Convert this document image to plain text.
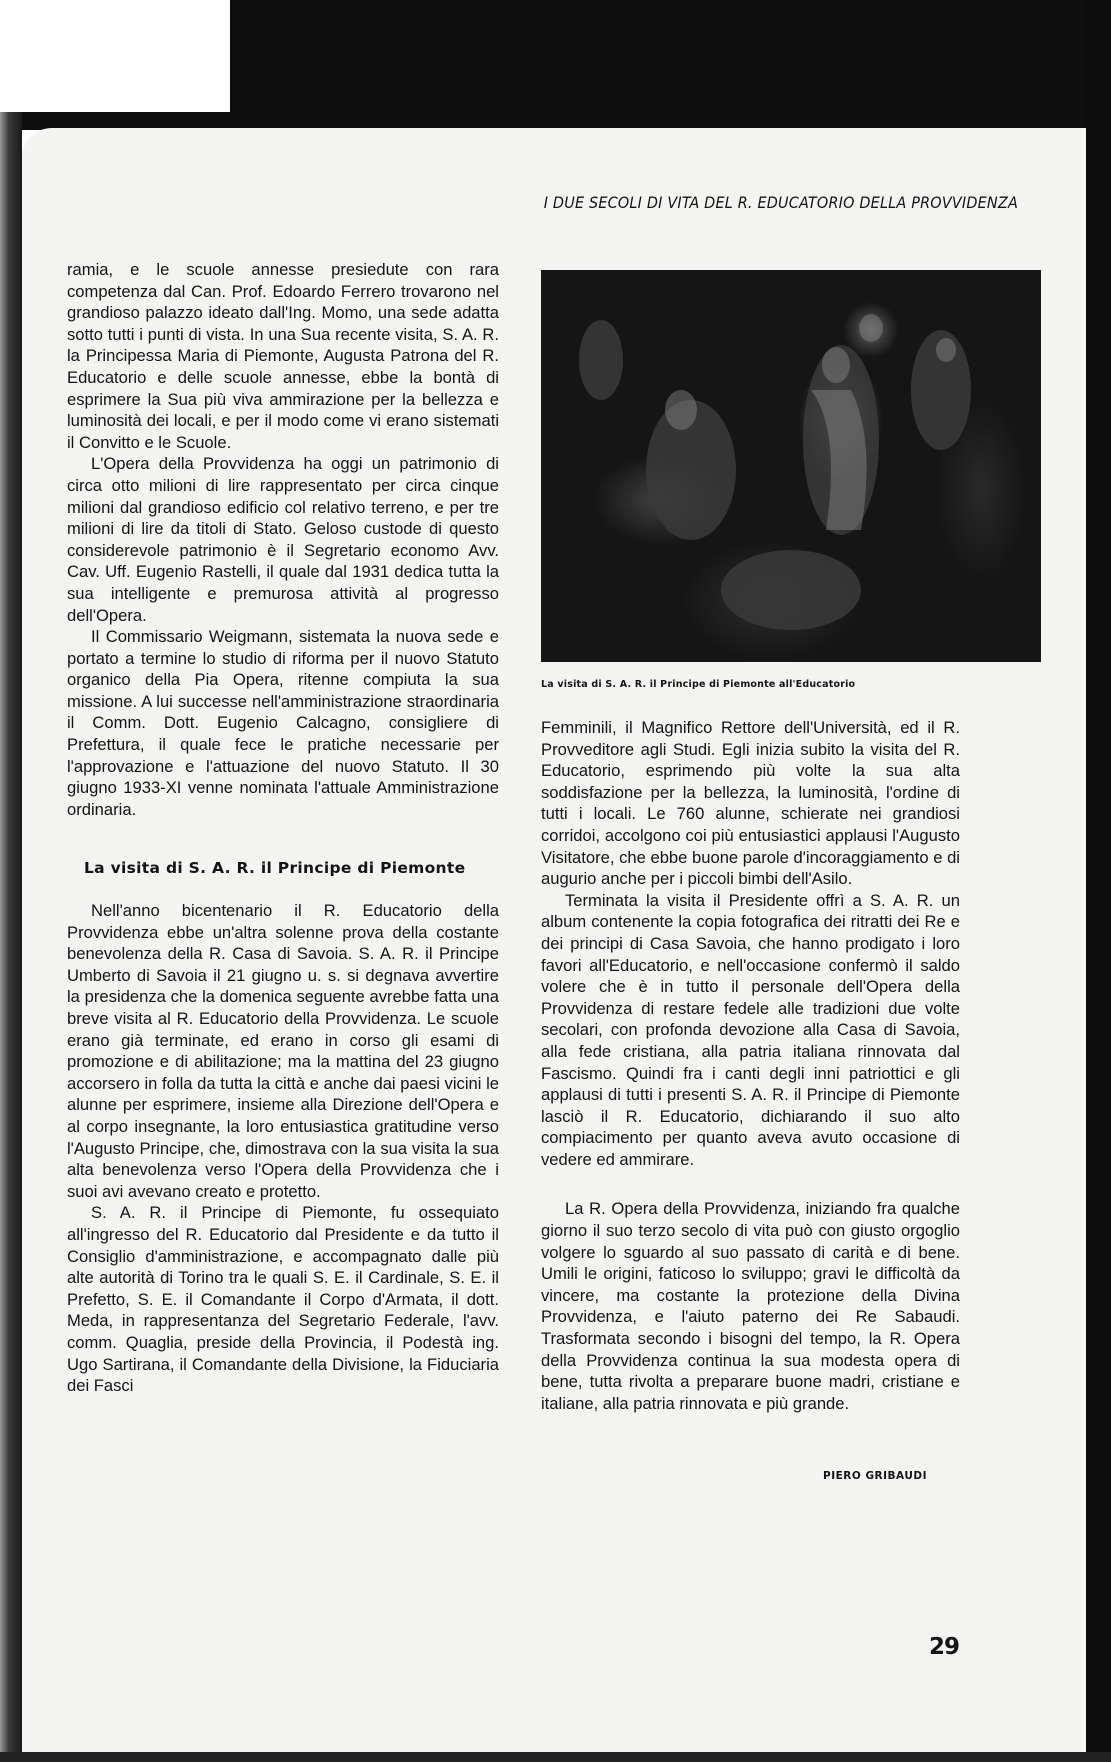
I DUE SECOLI DI VITA DEL R. EDUCATORIO DELLA PROVVIDENZA

ramia, e le scuole annesse presiedute con rara competenza dal Can. Prof. Edoardo Ferrero trovarono nel grandioso palazzo ideato dall'Ing. Momo, una sede adatta sotto tutti i punti di vista. In una Sua recente visita, S. A. R. la Principessa Maria di Piemonte, Augusta Patrona del R. Educatorio e delle scuole annesse, ebbe la bontà di esprimere la Sua più viva ammirazione per la bellezza e luminosità dei locali, e per il modo come vi erano sistemati il Convitto e le Scuole.

L'Opera della Provvidenza ha oggi un patrimonio di circa otto milioni di lire rappresentato per circa cinque milioni dal grandioso edificio col relativo terreno, e per tre milioni di lire da titoli di Stato. Geloso custode di questo considerevole patrimonio è il Segretario economo Avv. Cav. Uff. Eugenio Rastelli, il quale dal 1931 dedica tutta la sua intelligente e premurosa attività al progresso dell'Opera.

Il Commissario Weigmann, sistemata la nuova sede e portato a termine lo studio di riforma per il nuovo Statuto organico della Pia Opera, ritenne compiuta la sua missione. A lui successe nell'amministrazione straordinaria il Comm. Dott. Eugenio Calcagno, consigliere di Prefettura, il quale fece le pratiche necessarie per l'approvazione e l'attuazione del nuovo Statuto. Il 30 giugno 1933-XI venne nominata l'attuale Amministrazione ordinaria.

La visita di S. A. R. il Principe di Piemonte

Nell'anno bicentenario il R. Educatorio della Provvidenza ebbe un'altra solenne prova della costante benevolenza della R. Casa di Savoia. S. A. R. il Principe Umberto di Savoia il 21 giugno u. s. si degnava avvertire la presidenza che la domenica seguente avrebbe fatta una breve visita al R. Educatorio della Provvidenza. Le scuole erano già terminate, ed erano in corso gli esami di promozione e di abilitazione; ma la mattina del 23 giugno accorsero in folla da tutta la città e anche dai paesi vicini le alunne per esprimere, insieme alla Direzione dell'Opera e al corpo insegnante, la loro entusiastica gratitudine verso l'Augusto Principe, che, dimostrava con la sua visita la sua alta benevolenza verso l'Opera della Provvidenza che i suoi avi avevano creato e protetto.

S. A. R. il Principe di Piemonte, fu ossequiato all'ingresso del R. Educatorio dal Presidente e da tutto il Consiglio d'amministrazione, e accompagnato dalle più alte autorità di Torino tra le quali S. E. il Cardinale, S. E. il Prefetto, S. E. il Comandante il Corpo d'Armata, il dott. Meda, in rappresentanza del Segretario Federale, l'avv. comm. Quaglia, preside della Provincia, il Podestà ing. Ugo Sartirana, il Comandante della Divisione, la Fiduciaria dei Fasci

La visita di S. A. R. il Principe di Piemonte all'Educatorio

Femminili, il Magnifico Rettore dell'Università, ed il R. Provveditore agli Studi. Egli inizia subito la visita del R. Educatorio, esprimendo più volte la sua alta soddisfazione per la bellezza, la luminosità, l'ordine di tutti i locali. Le 760 alunne, schierate nei grandiosi corridoi, accolgono coi più entusiastici applausi l'Augusto Visitatore, che ebbe buone parole d'incoraggiamento e di augurio anche per i piccoli bimbi dell'Asilo.

Terminata la visita il Presidente offrì a S. A. R. un album contenente la copia fotografica dei ritratti dei Re e dei principi di Casa Savoia, che hanno prodigato i loro favori all'Educatorio, e nell'occasione confermò il saldo volere che è in tutto il personale dell'Opera della Provvidenza di restare fedele alle tradizioni due volte secolari, con profonda devozione alla Casa di Savoia, alla fede cristiana, alla patria italiana rinnovata dal Fascismo. Quindi fra i canti degli inni patriottici e gli applausi di tutti i presenti S. A. R. il Principe di Piemonte lasciò il R. Educatorio, dichiarando il suo alto compiacimento per quanto aveva avuto occasione di vedere ed ammirare.

La R. Opera della Provvidenza, iniziando fra qualche giorno il suo terzo secolo di vita può con giusto orgoglio volgere lo sguardo al suo passato di carità e di bene. Umili le origini, faticoso lo sviluppo; gravi le difficoltà da vincere, ma costante la protezione della Divina Provvidenza, e l'aiuto paterno dei Re Sabaudi. Trasformata secondo i bisogni del tempo, la R. Opera della Provvidenza continua la sua modesta opera di bene, tutta rivolta a preparare buone madri, cristiane e italiane, alla patria rinnovata e più grande.

PIERO GRIBAUDI
29
